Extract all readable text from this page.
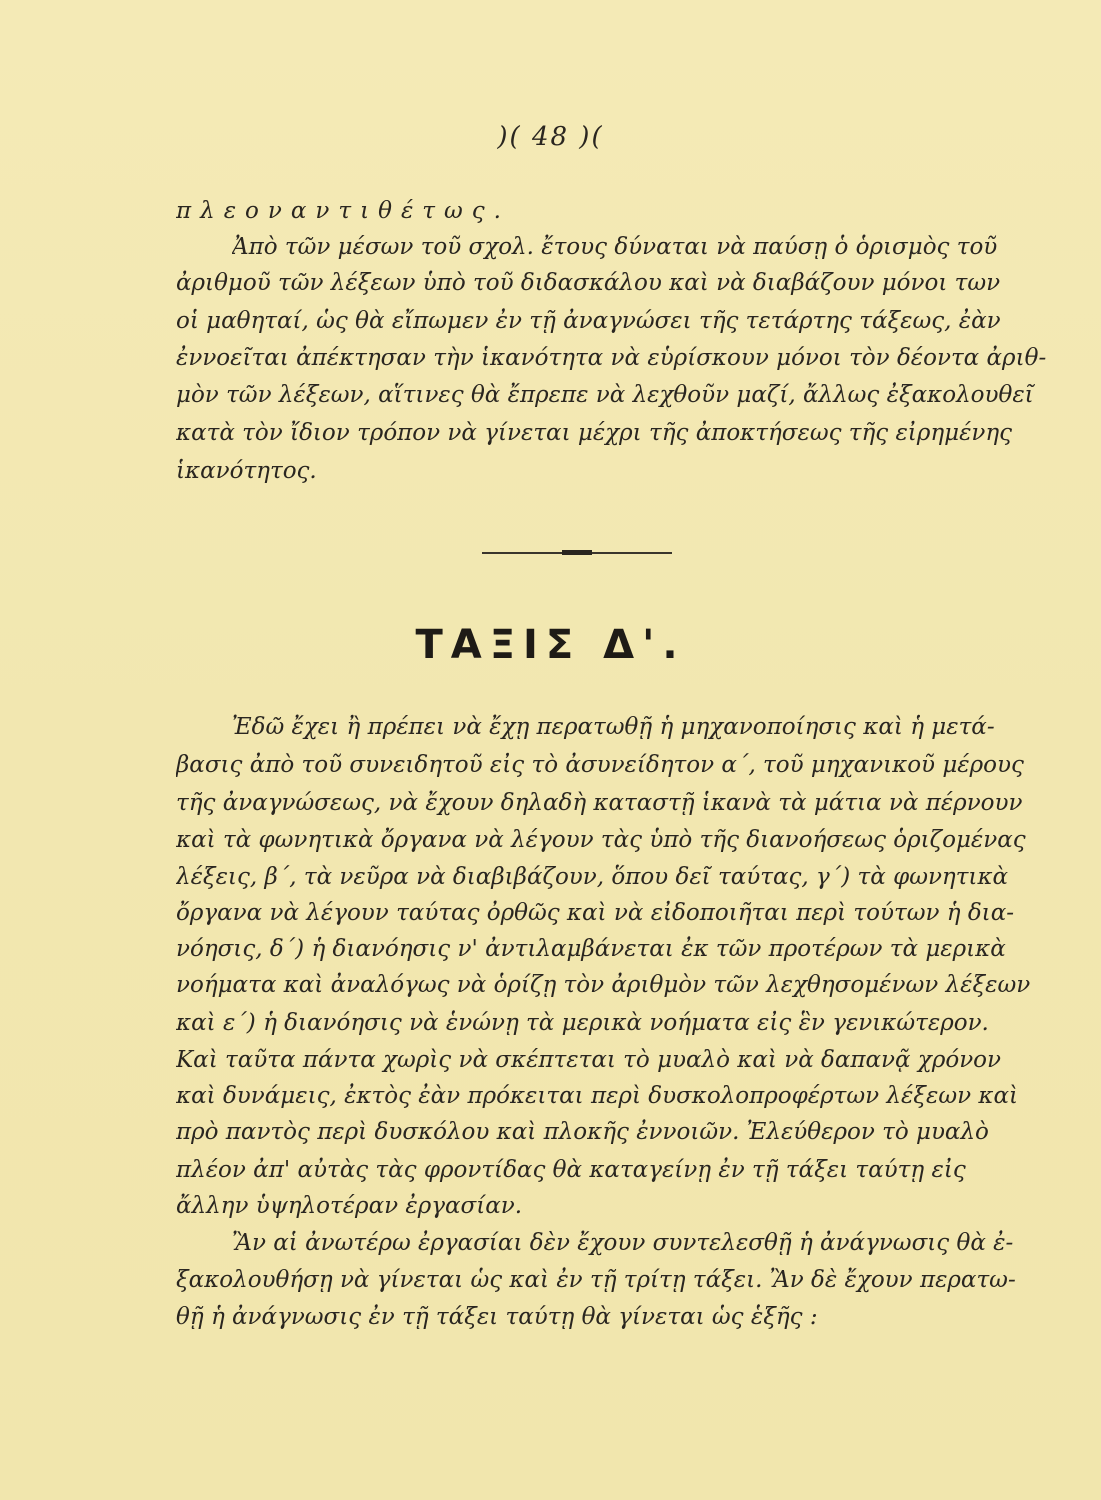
)( 48 )(
πλεοναντιθέτως.
Ἀπὸ τῶν μέσων τοῦ σχολ. ἔτους δύναται νὰ παύσῃ ὁ ὁρισμὸς τοῦ
ἀριθμοῦ τῶν λέξεων ὑπὸ τοῦ διδασκάλου καὶ νὰ διαβάζουν μόνοι των
οἱ μαθηταί, ὡς θὰ εἴπωμεν ἐν τῇ ἀναγνώσει τῆς τετάρτης τάξεως, ἐὰν
ἐννοεῖται ἀπέκτησαν τὴν ἱκανότητα νὰ εὑρίσκουν μόνοι τὸν δέοντα ἀριθ-
μὸν τῶν λέξεων, αἵτινες θὰ ἔπρεπε νὰ λεχθοῦν μαζί, ἄλλως ἐξακολουθεῖ
κατὰ τὸν ἴδιον τρόπον νὰ γίνεται μέχρι τῆς ἀποκτήσεως τῆς εἰρημένης
ἱκανότητος.
ΤΑΞΙΣ Δ'.
Ἐδῶ ἔχει ἢ πρέπει νὰ ἔχῃ περατωθῇ ἡ μηχανοποίησις καὶ ἡ μετά-
βασις ἀπὸ τοῦ συνειδητοῦ εἰς τὸ ἀσυνείδητον α΄, τοῦ μηχανικοῦ μέρους
τῆς ἀναγνώσεως, νὰ ἔχουν δηλαδὴ καταστῇ ἱκανὰ τὰ μάτια νὰ πέρνουν
καὶ τὰ φωνητικὰ ὄργανα νὰ λέγουν τὰς ὑπὸ τῆς διανοήσεως ὁριζομένας
λέξεις, β΄, τὰ νεῦρα νὰ διαβιβάζουν, ὅπου δεῖ ταύτας, γ΄) τὰ φωνητικὰ
ὄργανα νὰ λέγουν ταύτας ὀρθῶς καὶ νὰ εἰδοποιῆται περὶ τούτων ἡ δια-
νόησις, δ΄) ἡ διανόησις ν' ἀντιλαμβάνεται ἐκ τῶν προτέρων τὰ μερικὰ
νοήματα καὶ ἀναλόγως νὰ ὁρίζῃ τὸν ἀριθμὸν τῶν λεχθησομένων λέξεων
καὶ ε΄) ἡ διανόησις νὰ ἑνώνῃ τὰ μερικὰ νοήματα εἰς ἓν γενικώτερον.
Καὶ ταῦτα πάντα χωρὶς νὰ σκέπτεται τὸ μυαλὸ καὶ νὰ δαπανᾷ χρόνον
καὶ δυνάμεις, ἐκτὸς ἐὰν πρόκειται περὶ δυσκολοπροφέρτων λέξεων καὶ
πρὸ παντὸς περὶ δυσκόλου καὶ πλοκῆς ἐννοιῶν. Ἐλεύθερον τὸ μυαλὸ
πλέον ἀπ' αὐτὰς τὰς φροντίδας θὰ καταγείνῃ ἐν τῇ τάξει ταύτῃ εἰς
ἄλλην ὑψηλοτέραν ἐργασίαν.
Ἂν αἱ ἀνωτέρω ἐργασίαι δὲν ἔχουν συντελεσθῇ ἡ ἀνάγνωσις θὰ ἐ-
ξακολουθήσῃ νὰ γίνεται ὡς καὶ ἐν τῇ τρίτῃ τάξει. Ἂν δὲ ἔχουν περατω-
θῇ ἡ ἀνάγνωσις ἐν τῇ τάξει ταύτῃ θὰ γίνεται ὡς ἑξῆς :
